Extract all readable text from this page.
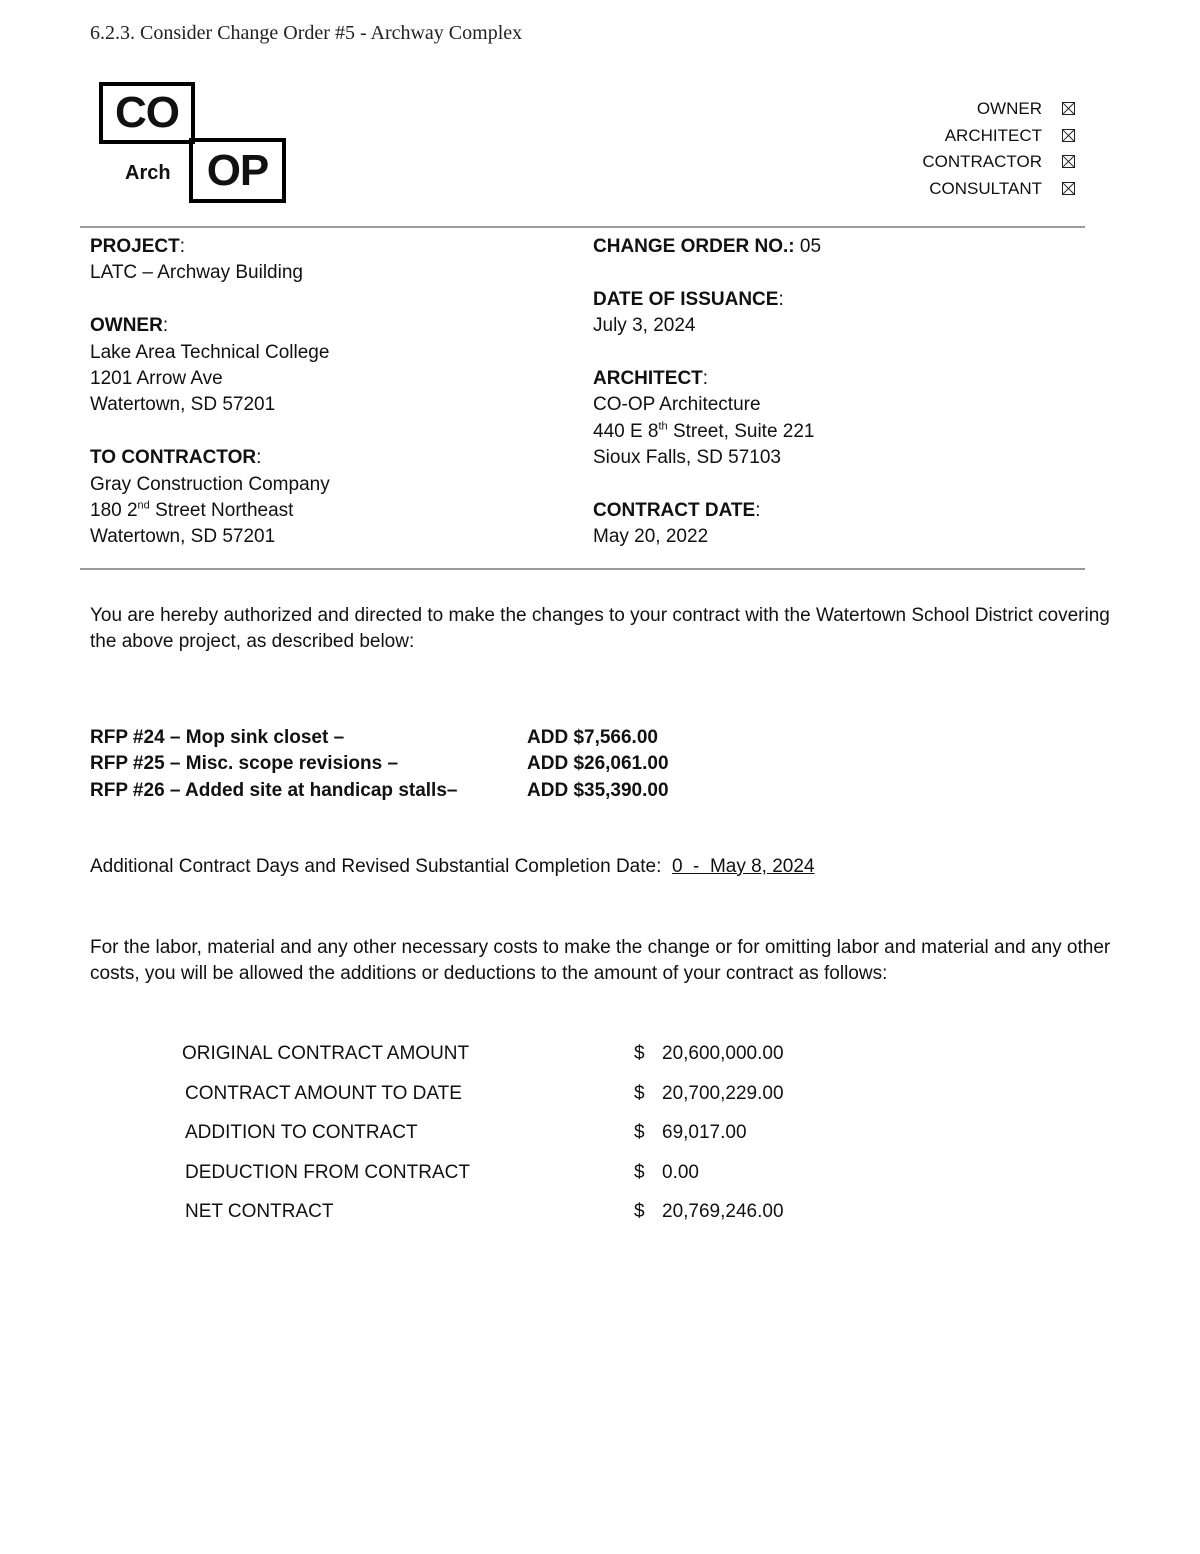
6.2.3. Consider Change Order #5 - Archway Complex
CO
OP
Arch
OWNER
ARCHITECT
CONTRACTOR
CONSULTANT
PROJECT:
LATC – Archway Building
OWNER:
Lake Area Technical College
1201 Arrow Ave
Watertown, SD 57201
TO CONTRACTOR:
Gray Construction Company
180 2nd Street Northeast
Watertown, SD 57201
CHANGE ORDER NO.: 05
DATE OF ISSUANCE:
July 3, 2024
ARCHITECT:
CO-OP Architecture
440 E 8th Street, Suite 221
Sioux Falls, SD 57103
CONTRACT DATE:
May 20, 2022
You are hereby authorized and directed to make the changes to your contract with the Watertown School District covering the above project, as described below:
RFP #24 – Mop sink closet –	ADD $7,566.00
RFP #25 – Misc. scope revisions –	ADD $26,061.00
RFP #26 – Added site at handicap stalls–	ADD $35,390.00
Additional Contract Days and Revised Substantial Completion Date: 0  -  May 8, 2024
For the labor, material and any other necessary costs to make the change or for omitting labor and material and any other costs, you will be allowed the additions or deductions to the amount of your contract as follows:
ORIGINAL CONTRACT AMOUNT	$ 20,600,000.00
CONTRACT AMOUNT TO DATE	$ 20,700,229.00
ADDITION TO CONTRACT	$ 69,017.00
DEDUCTION FROM CONTRACT	$ 0.00
NET CONTRACT	$ 20,769,246.00
